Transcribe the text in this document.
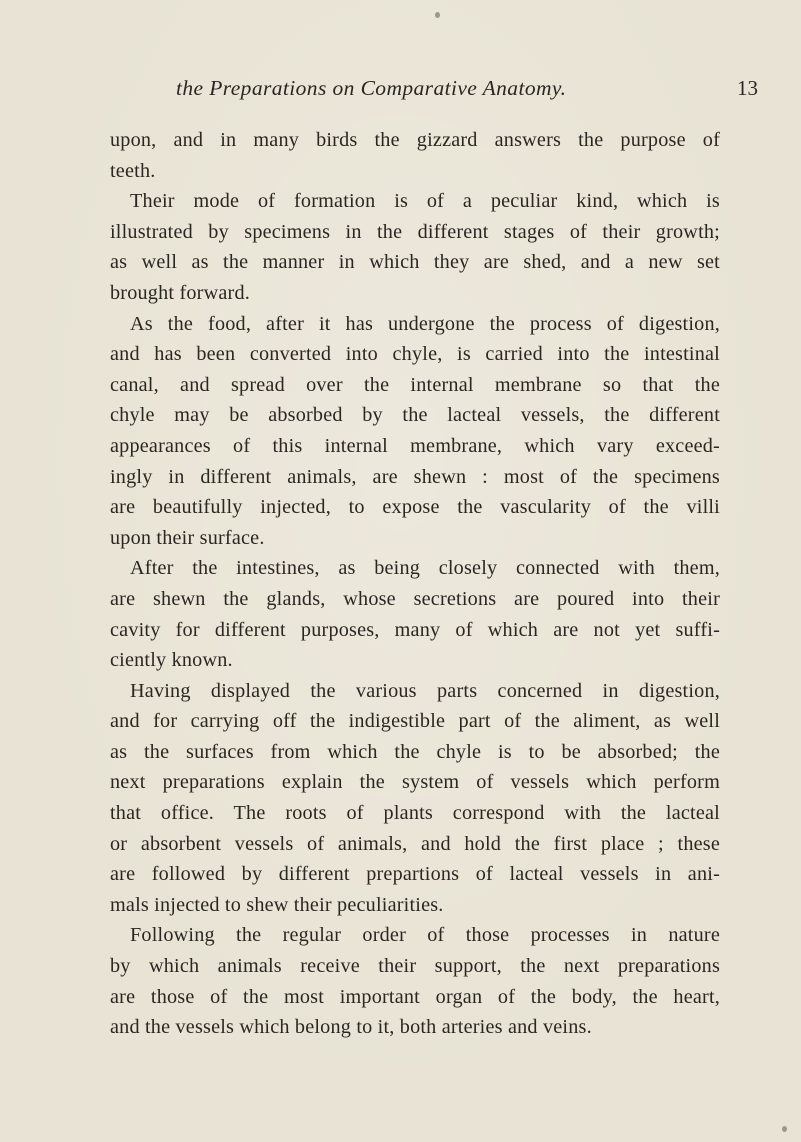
the Preparations on Comparative Anatomy.	13
upon, and in many birds the gizzard answers the purpose of
teeth.
Their mode of formation is of a peculiar kind, which is
illustrated by specimens in the different stages of their growth;
as well as the manner in which they are shed, and a new set
brought forward.
As the food, after it has undergone the process of digestion,
and has been converted into chyle, is carried into the intestinal
canal, and spread over the internal membrane so that the
chyle may be absorbed by the lacteal vessels, the different
appearances of this internal membrane, which vary exceed-
ingly in different animals, are shewn : most of the specimens
are beautifully injected, to expose the vascularity of the villi
upon their surface.
After the intestines, as being closely connected with them,
are shewn the glands, whose secretions are poured into their
cavity for different purposes, many of which are not yet suffi-
ciently known.
Having displayed the various parts concerned in digestion,
and for carrying off the indigestible part of the aliment, as well
as the surfaces from which the chyle is to be absorbed; the
next preparations explain the system of vessels which perform
that office. The roots of plants correspond with the lacteal
or absorbent vessels of animals, and hold the first place ; these
are followed by different prepartions of lacteal vessels in ani-
mals injected to shew their peculiarities.
Following the regular order of those processes in nature
by which animals receive their support, the next preparations
are those of the most important organ of the body, the heart,
and the vessels which belong to it, both arteries and veins.
